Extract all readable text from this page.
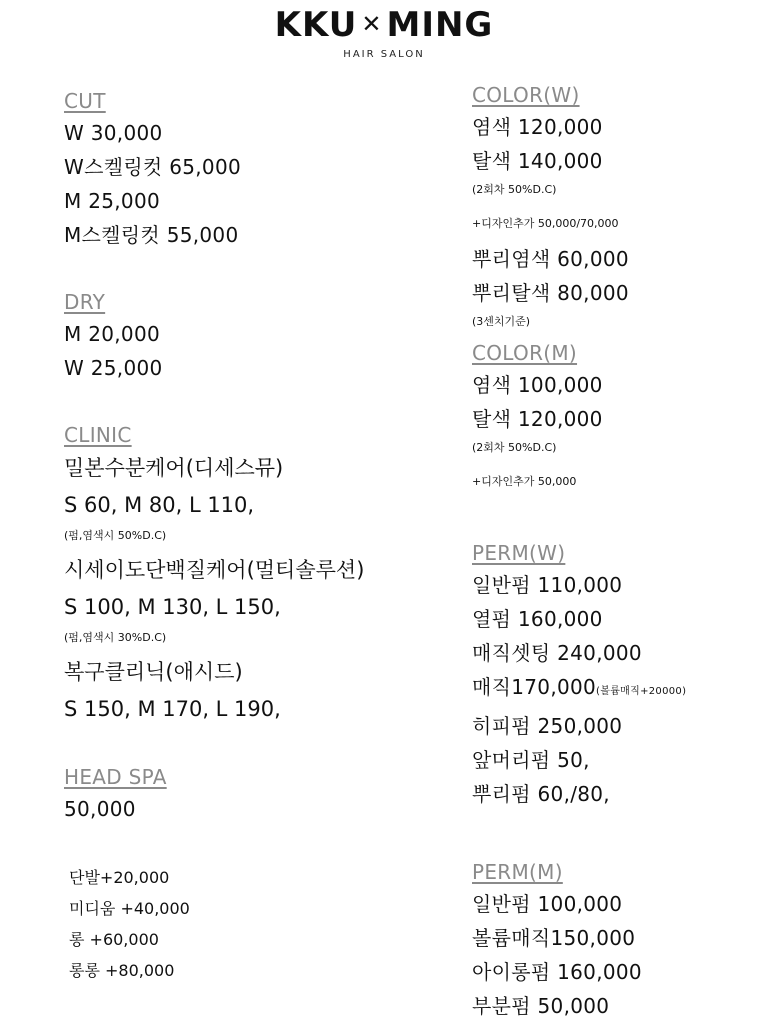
KKU ✕ MING
HAIR SALON
CUT
W 30,000
W스켈링컷 65,000
M 25,000
M스켈링컷 55,000
DRY
M 20,000
W 25,000
CLINIC
밀본수분케어(디세스뮤)
S 60, M 80, L 110,
(펌,염색시 50%D.C)
시세이도단백질케어(멀티솔루션)
S 100, M 130, L 150,
(펌,염색시 30%D.C)
복구클리닉(애시드)
S 150, M 170, L 190,
HEAD SPA
50,000
단발+20,000
미디움 +40,000
롱 +60,000
롱롱 +80,000
COLOR(W)
염색 120,000
탈색 140,000
(2회차 50%D.C)
+디자인추가 50,000/70,000
뿌리염색 60,000
뿌리탈색 80,000
(3센치기준)
COLOR(M)
염색 100,000
탈색 120,000
(2회차 50%D.C)
+디자인추가 50,000
PERM(W)
일반펌 110,000
열펌 160,000
매직셋팅 240,000
매직170,000(볼륨매직+20000)
히피펌 250,000
앞머리펌 50,
뿌리펌 60,/80,
PERM(M)
일반펌 100,000
볼륨매직150,000
아이롱펌 160,000
부분펌 50,000
